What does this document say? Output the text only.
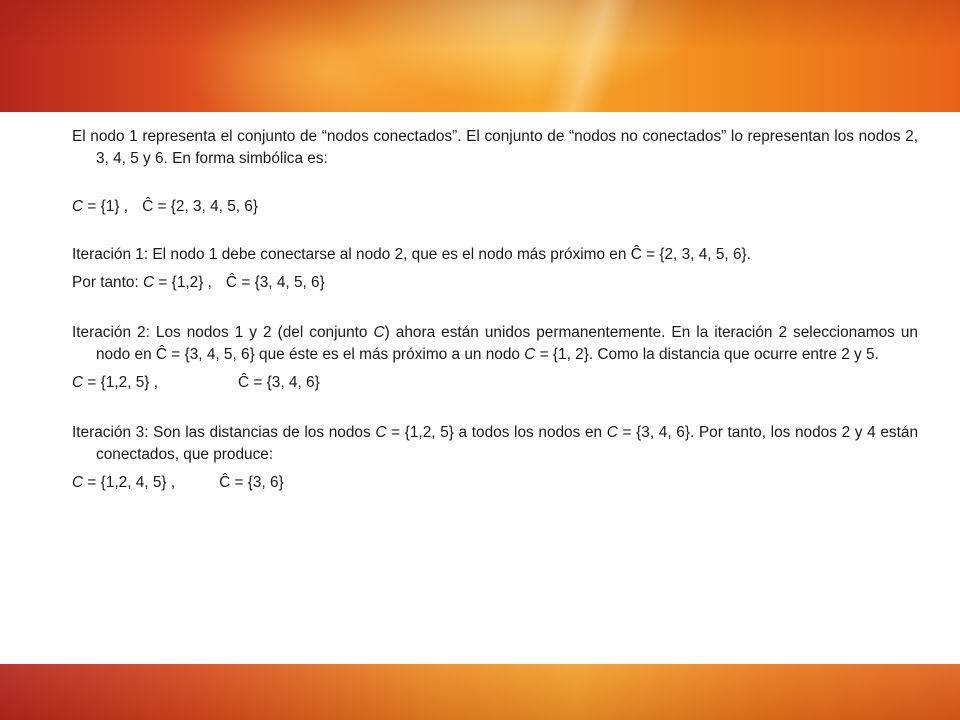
El nodo 1 representa el conjunto de “nodos conectados”. El conjunto de “nodos no conectados” lo representan los nodos 2, 3, 4, 5 y 6. En forma simbólica es:

C = {1} , Ĉ = {2, 3, 4, 5, 6}

Iteración 1: El nodo 1 debe conectarse al nodo 2, que es el nodo más próximo en Ĉ = {2, 3, 4, 5, 6}.

Por tanto: C = {1,2} , Ĉ = {3, 4, 5, 6}

Iteración 2: Los nodos 1 y 2 (del conjunto C) ahora están unidos permanentemente. En la iteración 2 seleccionamos un nodo en Ĉ = {3, 4, 5, 6} que éste es el más próximo a un nodo C = {1, 2}. Como la distancia que ocurre entre 2 y 5.

C = {1,2, 5} ,	Ĉ = {3, 4, 6}

Iteración 3: Son las distancias de los nodos C = {1,2, 5} a todos los nodos en C = {3, 4, 6}. Por tanto, los nodos 2 y 4 están conectados, que produce:

C = {1,2, 4, 5} ,	Ĉ = {3, 6}
